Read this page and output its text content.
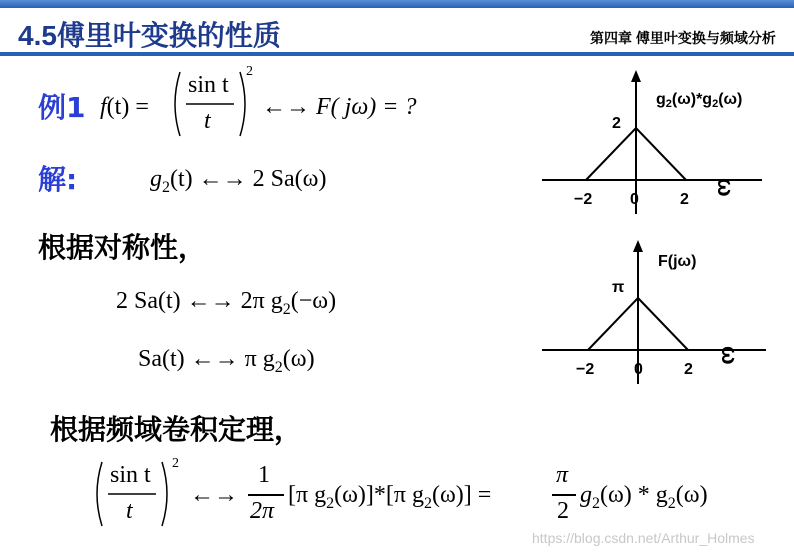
4.5傅里叶变换的性质	第四章 傅里叶变换与频域分析
例1 f(t) =
sin t
t
2
←→ F( jω) = ?
解:	$g_2(t)$ ←→ 2 Sa(ω)
根据对称性，
2 Sa(t) ←→ 2π $g_2(-\omega)$
Sa(t) ←→ π $g_2(\omega)$
根据频域卷积定理，
sin t
t
2
←→
1
2π
[π $g_2(\omega)]*[\pi$ $g_2(\omega)$] =
π
2
$g_2(\omega) * g_2(\omega)$
g2(ω)*g2(ω)
2
−2 0	2
ω
F(jω)
π
−2 0	2
ω
https://blog.csdn.net/Arthur_Holmes
